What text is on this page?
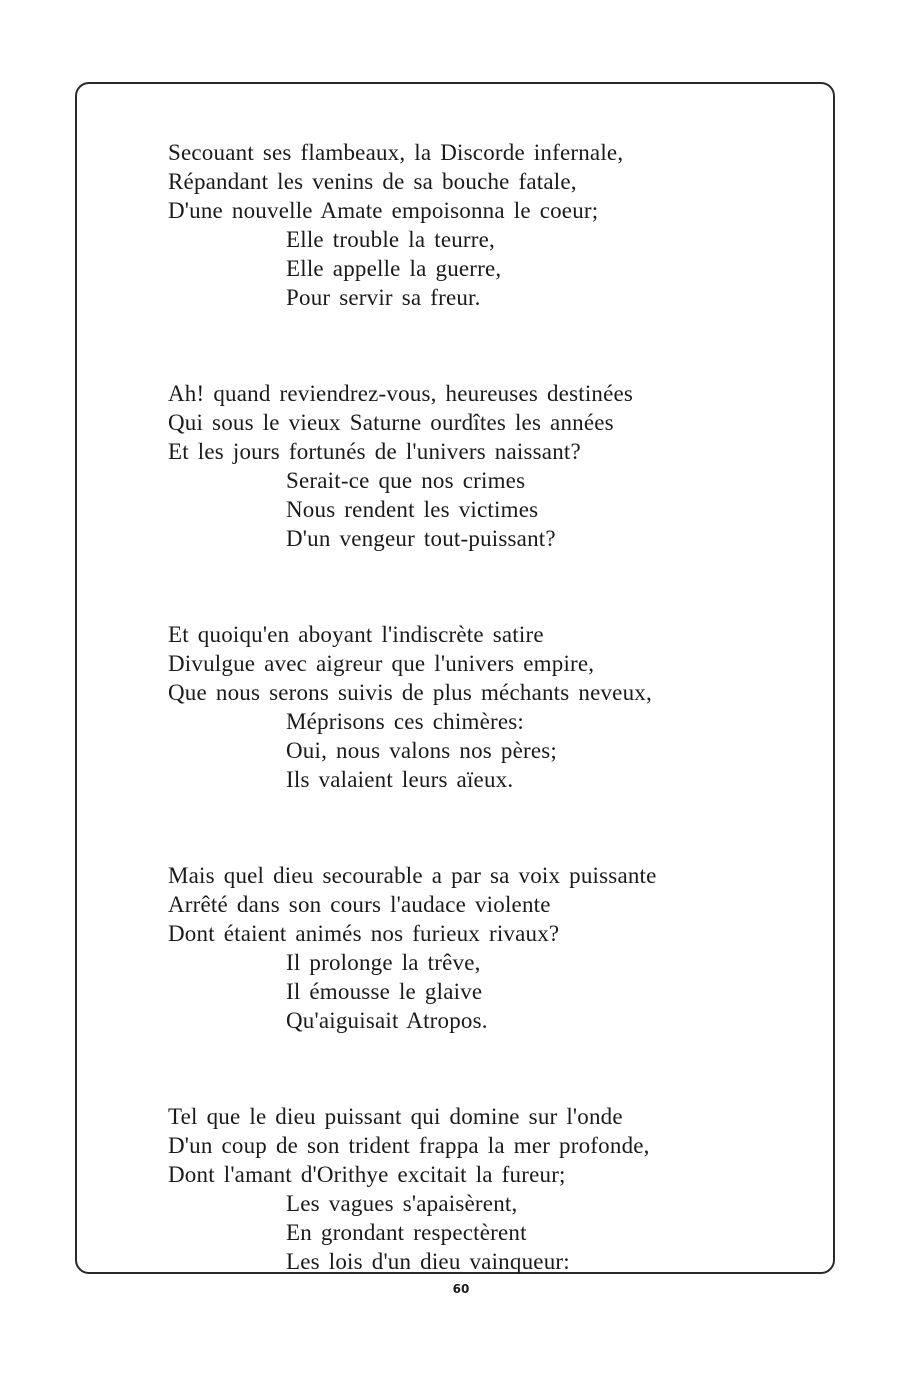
Secouant ses flambeaux, la Discorde infernale,
Répandant les venins de sa bouche fatale,
D'une nouvelle Amate empoisonna le coeur;
Elle trouble la teurre,
Elle appelle la guerre,
Pour servir sa freur.
Ah! quand reviendrez-vous, heureuses destinées
Qui sous le vieux Saturne ourdîtes les années
Et les jours fortunés de l'univers naissant?
Serait-ce que nos crimes
Nous rendent les victimes
D'un vengeur tout-puissant?
Et quoiqu'en aboyant l'indiscrète satire
Divulgue avec aigreur que l'univers empire,
Que nous serons suivis de plus méchants neveux,
Méprisons ces chimères:
Oui, nous valons nos pères;
Ils valaient leurs aïeux.
Mais quel dieu secourable a par sa voix puissante
Arrêté dans son cours l'audace violente
Dont étaient animés nos furieux rivaux?
Il prolonge la trêve,
Il émousse le glaive
Qu'aiguisait Atropos.
Tel que le dieu puissant qui domine sur l'onde
D'un coup de son trident frappa la mer profonde,
Dont l'amant d'Orithye excitait la fureur;
Les vagues s'apaisèrent,
En grondant respectèrent
Les lois d'un dieu vainqueur:
60
